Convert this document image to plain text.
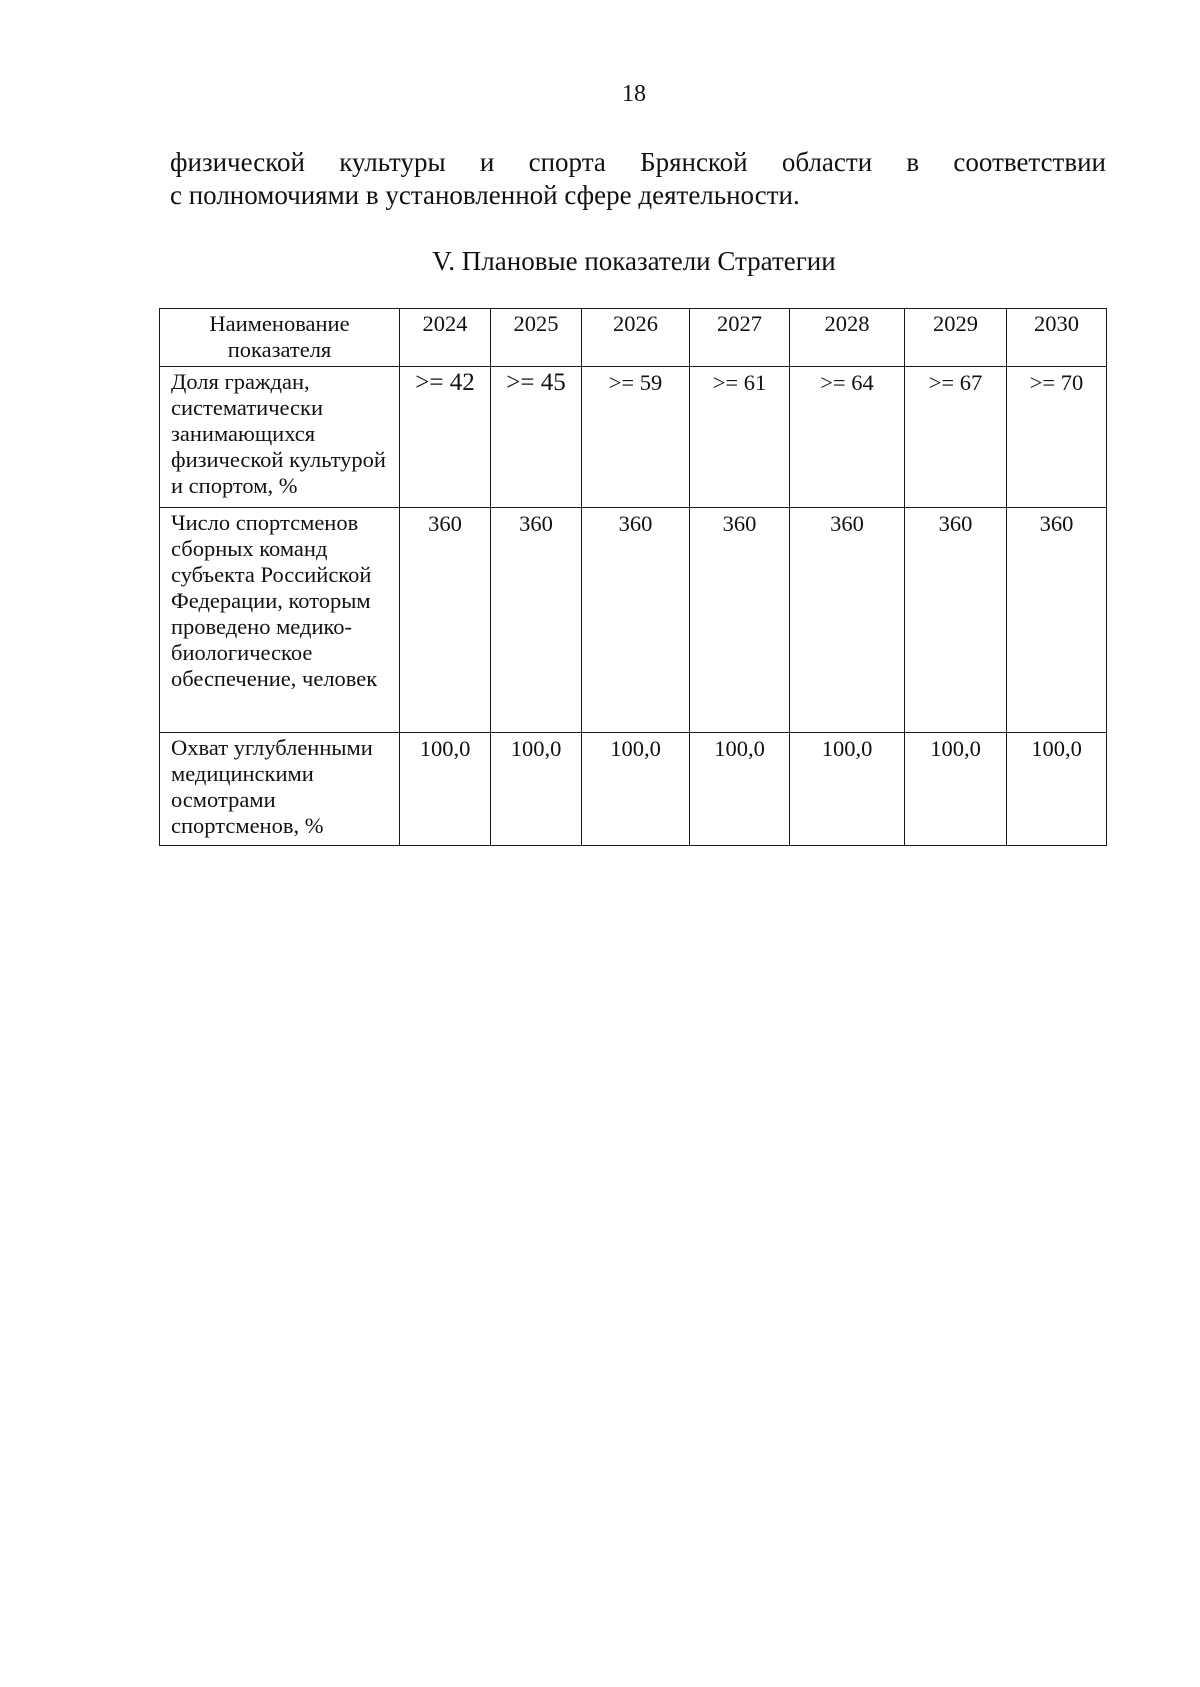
18
физической культуры и спорта Брянской области в соответствии
с полномочиями в установленной сфере деятельности.
V. Плановые показатели Стратегии
Наименование показателя	2024	2025	2026	2027	2028	2029	2030
Доля граждан, систематически занимающихся физической культурой и спортом, %	>= 42	>= 45	>= 59	>= 61	>= 64	>= 67	>= 70
Число спортсменов сборных команд субъекта Российской Федерации, которым проведено медико-биологическое обеспечение, человек	360	360	360	360	360	360	360
Охват углубленными медицинскими осмотрами спортсменов, %	100,0	100,0	100,0	100,0	100,0	100,0	100,0
